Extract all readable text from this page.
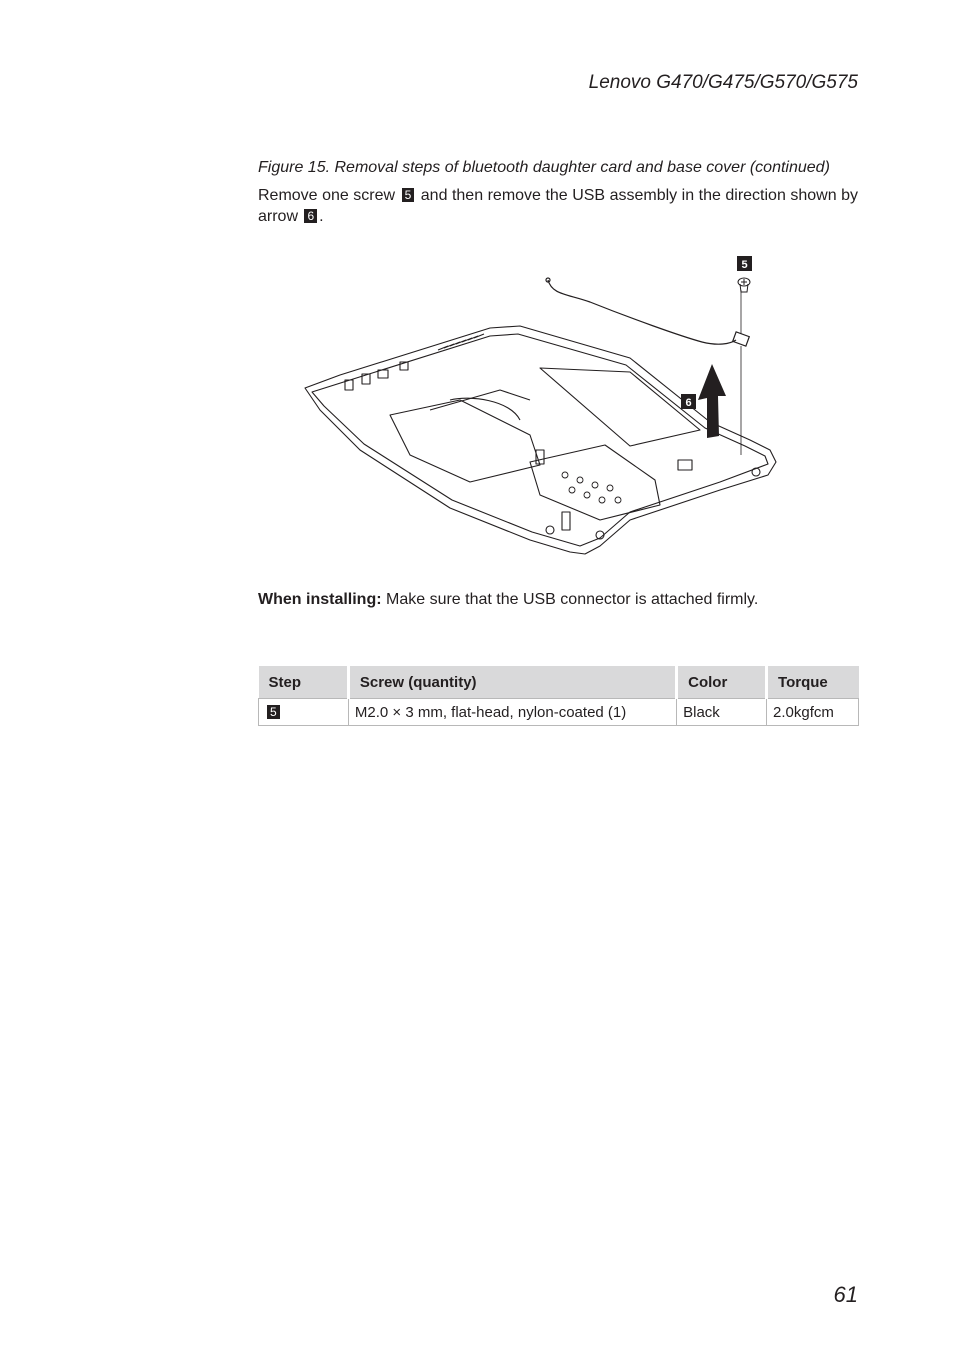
Lenovo G470/G475/G570/G575
Figure 15. Removal steps of bluetooth daughter card and base cover (continued)
Remove one screw 5 and then remove the USB assembly in the direction shown by arrow 6 .
5
6
When installing: Make sure that the USB connector is attached firmly.
Step	Screw (quantity)	Color	Torque
5	M2.0 × 3 mm, flat-head, nylon-coated (1)	Black	2.0kgfcm
61
